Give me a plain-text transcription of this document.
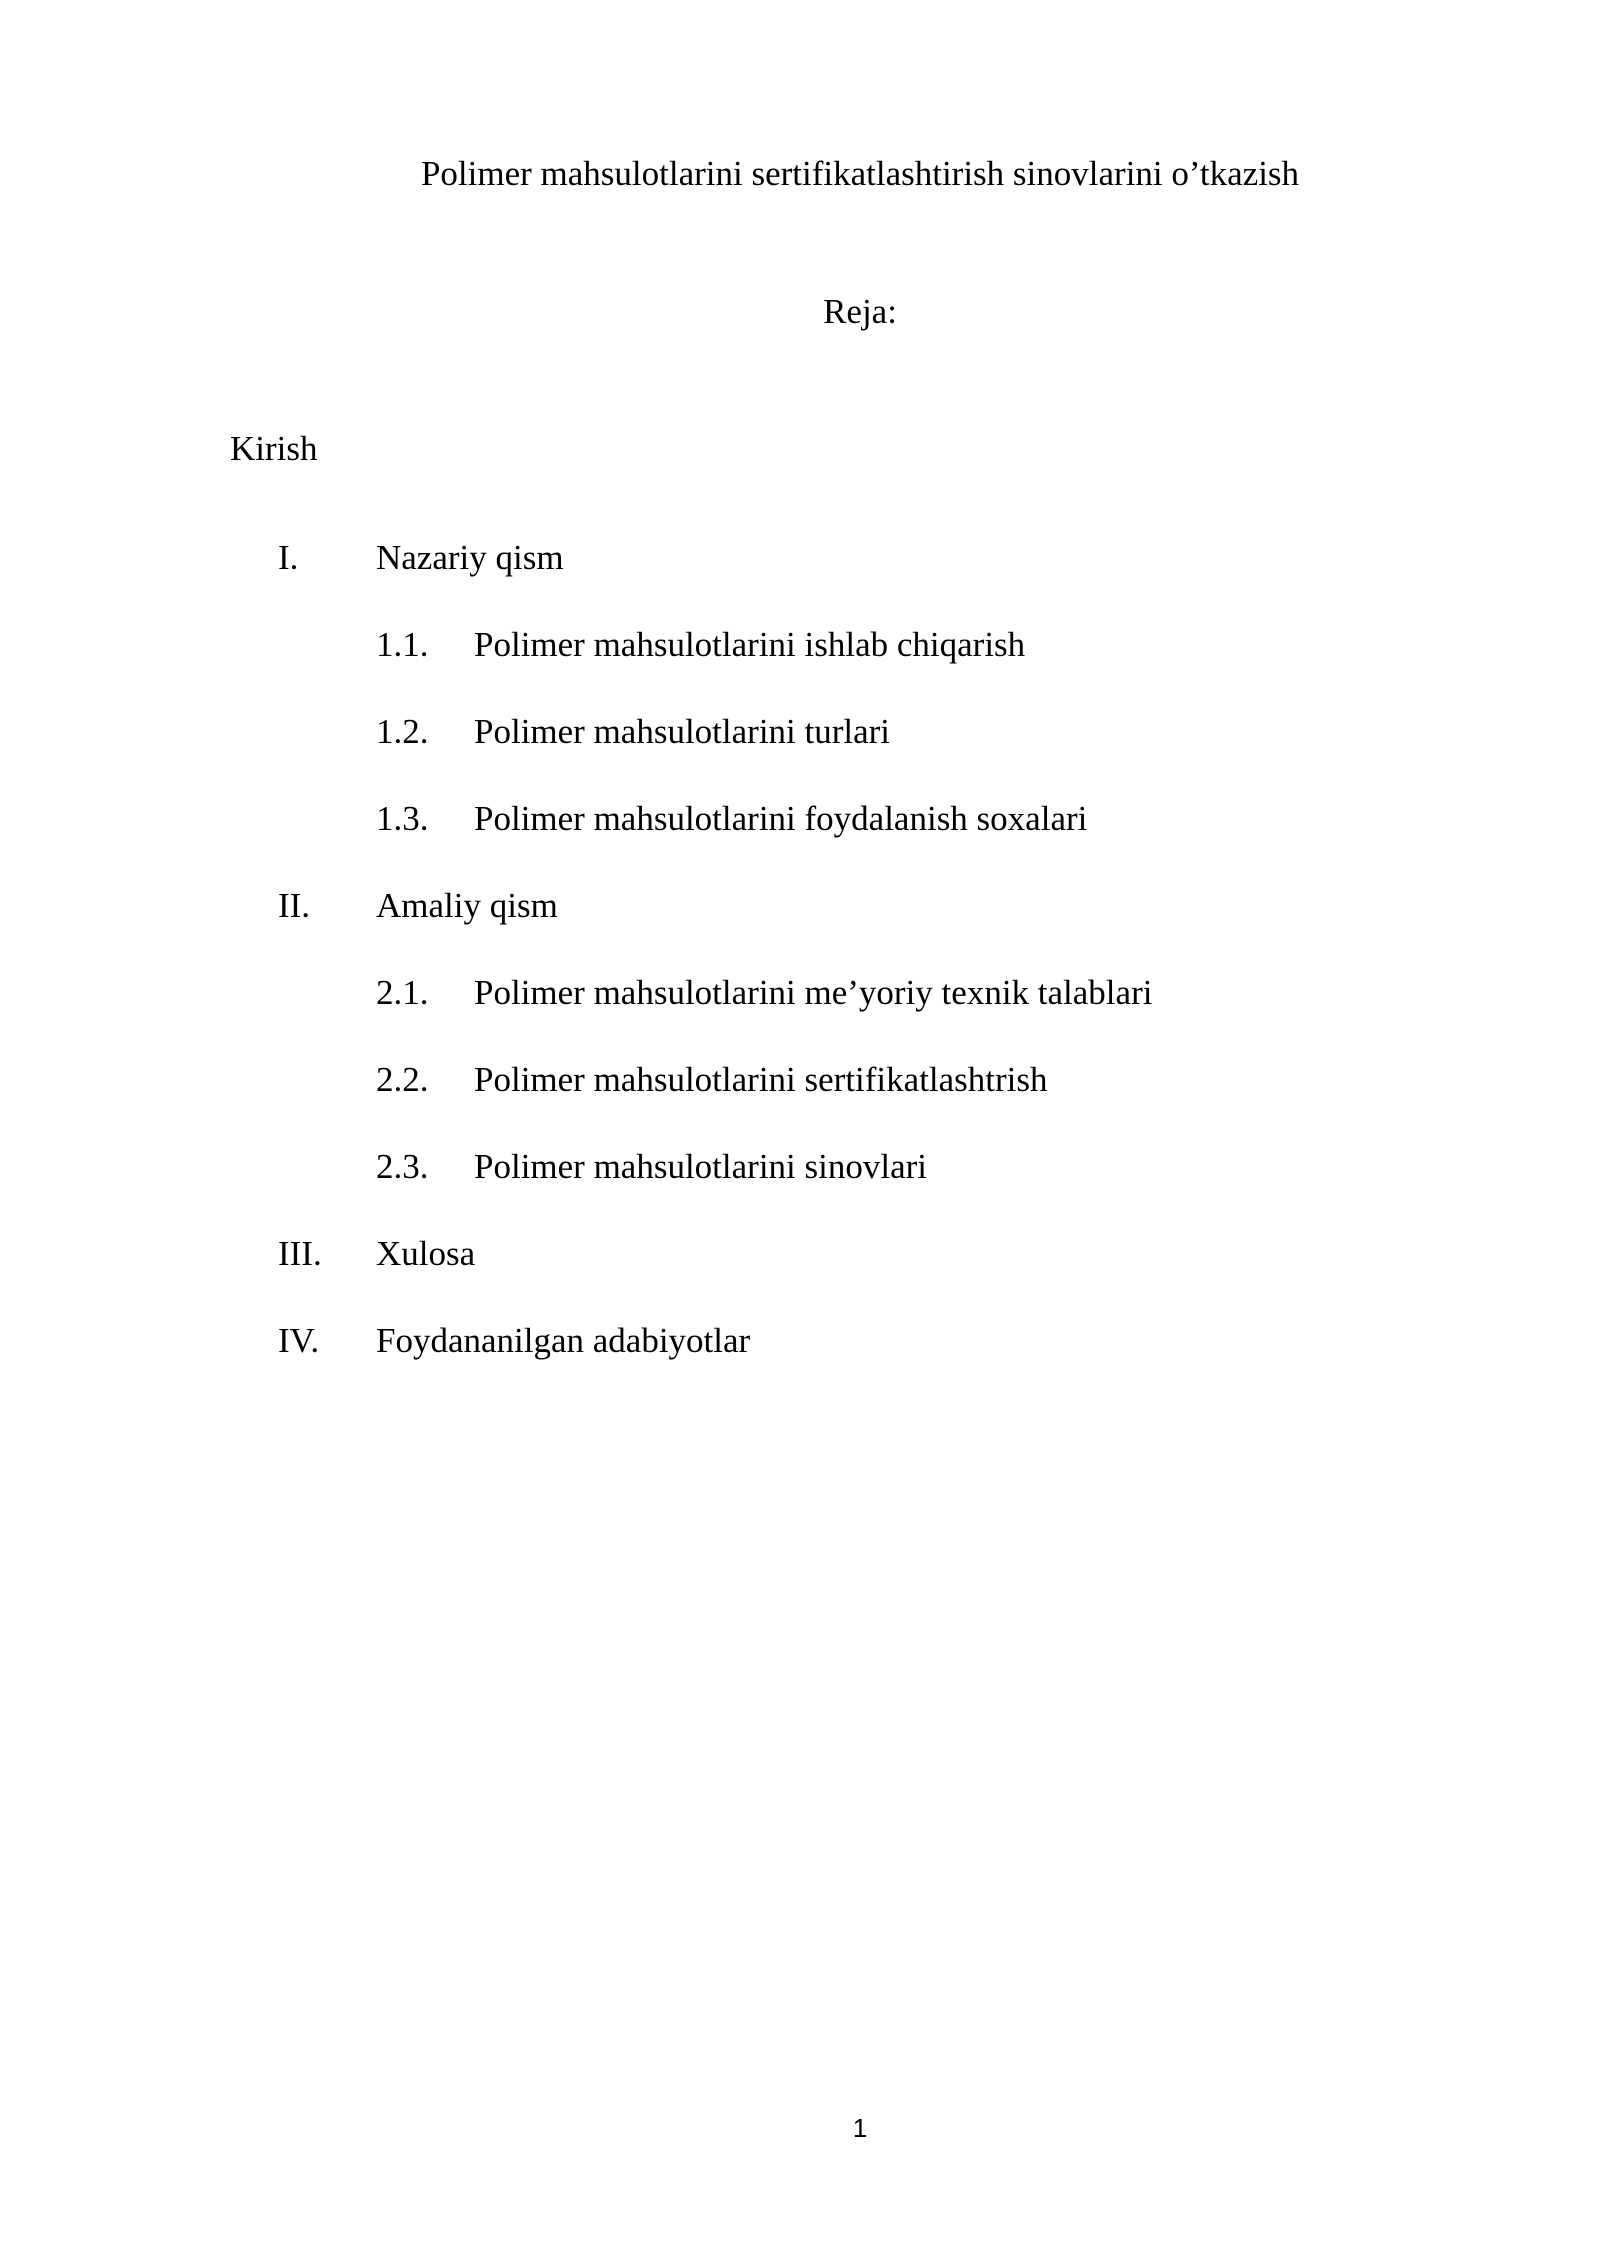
Polimer mahsulotlarini sertifikatlashtirish sinovlarini o’tkazish
Reja:
Kirish
I. Nazariy qism
1.1. Polimer mahsulotlarini ishlab chiqarish
1.2. Polimer mahsulotlarini turlari
1.3. Polimer mahsulotlarini foydalanish soxalari
II. Amaliy qism
2.1. Polimer mahsulotlarini me’yoriy texnik talablari
2.2. Polimer mahsulotlarini sertifikatlashtrish
2.3. Polimer mahsulotlarini sinovlari
III. Xulosa
IV. Foydananilgan adabiyotlar
1
